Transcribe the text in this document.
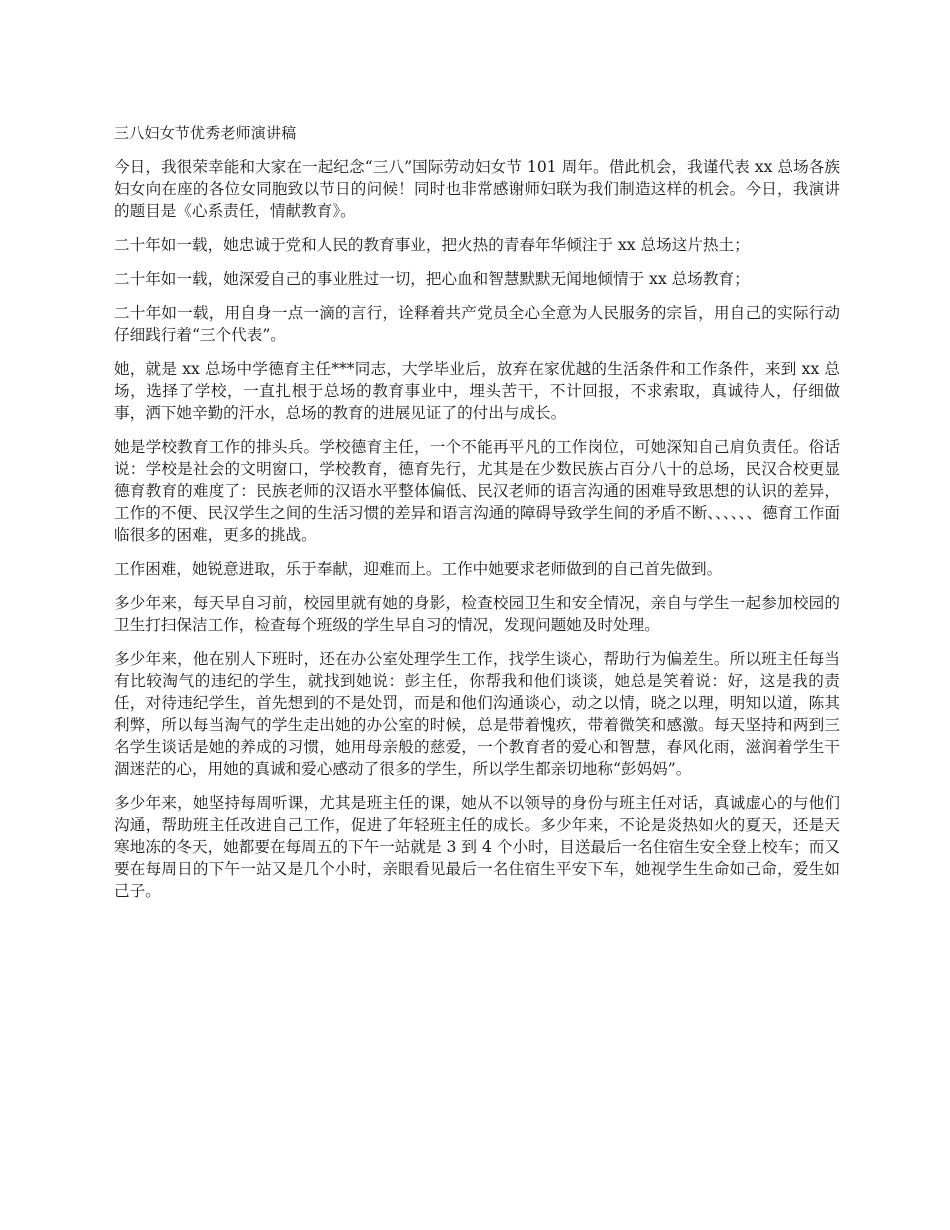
三八妇女节优秀老师演讲稿

今日，我很荣幸能和大家在一起纪念“三八”国际劳动妇女节 101 周年。借此机会，我谨代表 xx 总场各族妇女向在座的各位女同胞致以节日的问候！同时也非常感谢师妇联为我们制造这样的机会。今日，我演讲的题目是《心系责任，情献教育》。

二十年如一载，她忠诚于党和人民的教育事业，把火热的青春年华倾注于 xx 总场这片热土；

二十年如一载，她深爱自己的事业胜过一切，把心血和智慧默默无闻地倾情于 xx 总场教育；

二十年如一载，用自身一点一滴的言行，诠释着共产党员全心全意为人民服务的宗旨，用自己的实际行动仔细践行着“三个代表”。

她，就是 xx 总场中学德育主任***同志，大学毕业后，放弃在家优越的生活条件和工作条件，来到 xx 总场，选择了学校，一直扎根于总场的教育事业中，埋头苦干，不计回报，不求索取，真诚待人，仔细做事，洒下她辛勤的汗水，总场的教育的进展见证了的付出与成长。

她是学校教育工作的排头兵。学校德育主任，一个不能再平凡的工作岗位，可她深知自己肩负责任。俗话说：学校是社会的文明窗口，学校教育，德育先行，尤其是在少数民族占百分八十的总场，民汉合校更显德育教育的难度了：民族老师的汉语水平整体偏低、民汉老师的语言沟通的困难导致思想的认识的差异，工作的不便、民汉学生之间的生活习惯的差异和语言沟通的障碍导致学生间的矛盾不断、、、、、、德育工作面临很多的困难，更多的挑战。

工作困难，她锐意进取，乐于奉献，迎难而上。工作中她要求老师做到的自己首先做到。

多少年来，每天早自习前，校园里就有她的身影，检查校园卫生和安全情况，亲自与学生一起参加校园的卫生打扫保洁工作，检查每个班级的学生早自习的情况，发现问题她及时处理。

多少年来，他在别人下班时，还在办公室处理学生工作，找学生谈心，帮助行为偏差生。所以班主任每当有比较淘气的违纪的学生，就找到她说：彭主任，你帮我和他们谈谈，她总是笑着说：好，这是我的责任，对待违纪学生，首先想到的不是处罚，而是和他们沟通谈心，动之以情，晓之以理，明知以道，陈其利弊，所以每当淘气的学生走出她的办公室的时候，总是带着愧疚，带着微笑和感激。每天坚持和两到三名学生谈话是她的养成的习惯，她用母亲般的慈爱，一个教育者的爱心和智慧，春风化雨，滋润着学生干涸迷茫的心，用她的真诚和爱心感动了很多的学生，所以学生都亲切地称“彭妈妈”。

多少年来，她坚持每周听课，尤其是班主任的课，她从不以领导的身份与班主任对话，真诚虚心的与他们沟通，帮助班主任改进自己工作，促进了年轻班主任的成长。多少年来，不论是炎热如火的夏天，还是天寒地冻的冬天，她都要在每周五的下午一站就是 3 到 4 个小时，目送最后一名住宿生安全登上校车；而又要在每周日的下午一站又是几个小时，亲眼看见最后一名住宿生平安下车，她视学生生命如己命，爱生如己子。
